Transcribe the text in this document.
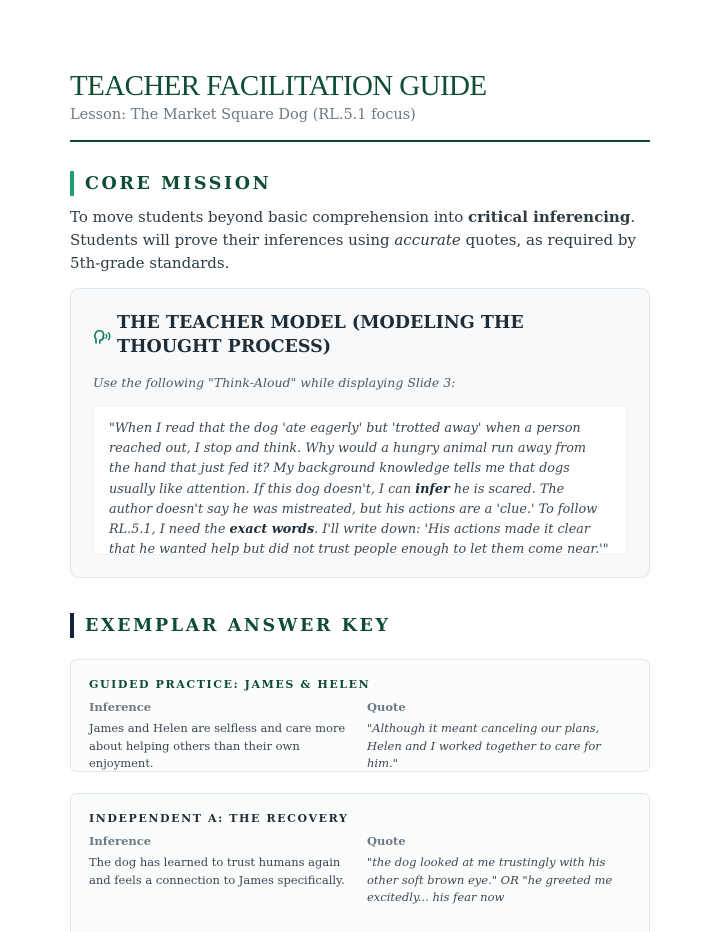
TEACHER FACILITATION GUIDE
Lesson: The Market Square Dog (RL.5.1 focus)
CORE MISSION

To move students beyond basic comprehension into critical inferencing. Students will prove their inferences using accurate quotes, as required by 5th-grade standards.

THE TEACHER MODEL (MODELING THE THOUGHT PROCESS)
Use the following "Think-Aloud" while displaying Slide 3:
"When I read that the dog 'ate eagerly' but 'trotted away' when a person reached out, I stop and think. Why would a hungry animal run away from the hand that just fed it? My background knowledge tells me that dogs usually like attention. If this dog doesn't, I can infer he is scared. The author doesn't say he was mistreated, but his actions are a 'clue.' To follow RL.5.1, I need the exact words. I'll write down: 'His actions made it clear that he wanted help but did not trust people enough to let them come near.'"
EXEMPLAR ANSWER KEY
GUIDED PRACTICE: JAMES & HELEN
Inference	Quote
James and Helen are selfless and care more about helping others than their own enjoyment.
"Although it meant canceling our plans, Helen and I worked together to care for him."
INDEPENDENT A: THE RECOVERY
Inference	Quote
The dog has learned to trust humans again and feels a connection to James specifically.
"the dog looked at me trustingly with his other soft brown eye." OR "he greeted me excitedly... his fear now
